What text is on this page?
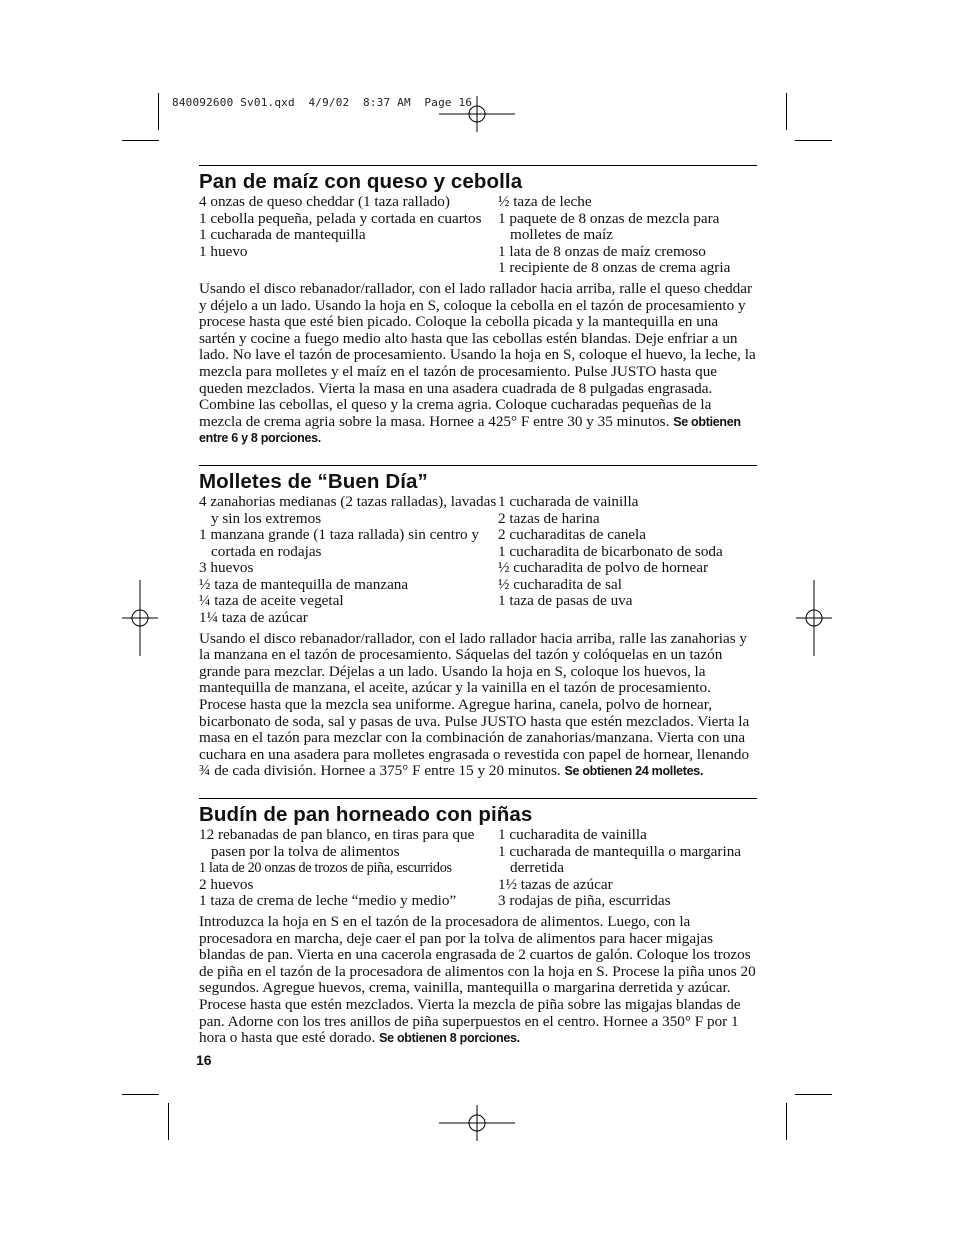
840092600 Sv01.qxd  4/9/02  8:37 AM  Page 16
Pan de maíz con queso y cebolla
4 onzas de queso cheddar (1 taza rallado)
1 cebolla pequeña, pelada y cortada en cuartos
1 cucharada de mantequilla
1 huevo
½ taza de leche
1 paquete de 8 onzas de mezcla para molletes de maíz
1 lata de 8 onzas de maíz cremoso
1 recipiente de 8 onzas de crema agria

Usando el disco rebanador/rallador, con el lado rallador hacia arriba, ralle el queso cheddar y déjelo a un lado. Usando la hoja en S, coloque la cebolla en el tazón de procesamiento y procese hasta que esté bien picado. Coloque la cebolla picada y la mantequilla en una sartén y cocine a fuego medio alto hasta que las cebollas estén blandas. Deje enfriar a un lado. No lave el tazón de procesamiento. Usando la hoja en S, coloque el huevo, la leche, la mezcla para molletes y el maíz en el tazón de procesamiento. Pulse JUSTO hasta que queden mezclados. Vierta la masa en una asadera cuadrada de 8 pulgadas engrasada. Combine las cebollas, el queso y la crema agria. Coloque cucharadas pequeñas de la mezcla de crema agria sobre la masa. Hornee a 425° F entre 30 y 35 minutos. Se obtienen entre 6 y 8 porciones.

Molletes de “Buen Día”
4 zanahorias medianas (2 tazas ralladas), lavadas y sin los extremos
1 manzana grande (1 taza rallada) sin centro y cortada en rodajas
3 huevos
½ taza de mantequilla de manzana
¼ taza de aceite vegetal
1¼ taza de azúcar
1 cucharada de vainilla
2 tazas de harina
2 cucharaditas de canela
1 cucharadita de bicarbonato de soda
½ cucharadita de polvo de hornear
½ cucharadita de sal
1 taza de pasas de uva

Usando el disco rebanador/rallador, con el lado rallador hacia arriba, ralle las zanahorias y la manzana en el tazón de procesamiento. Sáquelas del tazón y colóquelas en un tazón grande para mezclar. Déjelas a un lado. Usando la hoja en S, coloque los huevos, la mantequilla de manzana, el aceite, azúcar y la vainilla en el tazón de procesamiento. Procese hasta que la mezcla sea uniforme. Agregue harina, canela, polvo de hornear, bicarbonato de soda, sal y pasas de uva. Pulse JUSTO hasta que estén mezclados. Vierta la masa en el tazón para mezclar con la combinación de zanahorias/manzana. Vierta con una cuchara en una asadera para molletes engrasada o revestida con papel de hornear, llenando ¾ de cada división. Hornee a 375° F entre 15 y 20 minutos. Se obtienen 24 molletes.

Budín de pan horneado con piñas
12 rebanadas de pan blanco, en tiras para que pasen por la tolva de alimentos
1 lata de 20 onzas de trozos de piña, escurridos
2 huevos
1 taza de crema de leche “medio y medio”
1 cucharadita de vainilla
1 cucharada de mantequilla o margarina derretida
1½ tazas de azúcar
3 rodajas de piña, escurridas

Introduzca la hoja en S en el tazón de la procesadora de alimentos. Luego, con la procesadora en marcha, deje caer el pan por la tolva de alimentos para hacer migajas blandas de pan. Vierta en una cacerola engrasada de 2 cuartos de galón. Coloque los trozos de piña en el tazón de la procesadora de alimentos con la hoja en S. Procese la piña unos 20 segundos. Agregue huevos, crema, vainilla, mantequilla o margarina derretida y azúcar. Procese hasta que estén mezclados. Vierta la mezcla de piña sobre las migajas blandas de pan. Adorne con los tres anillos de piña superpuestos en el centro. Hornee a 350° F por 1 hora o hasta que esté dorado. Se obtienen 8 porciones.

16
